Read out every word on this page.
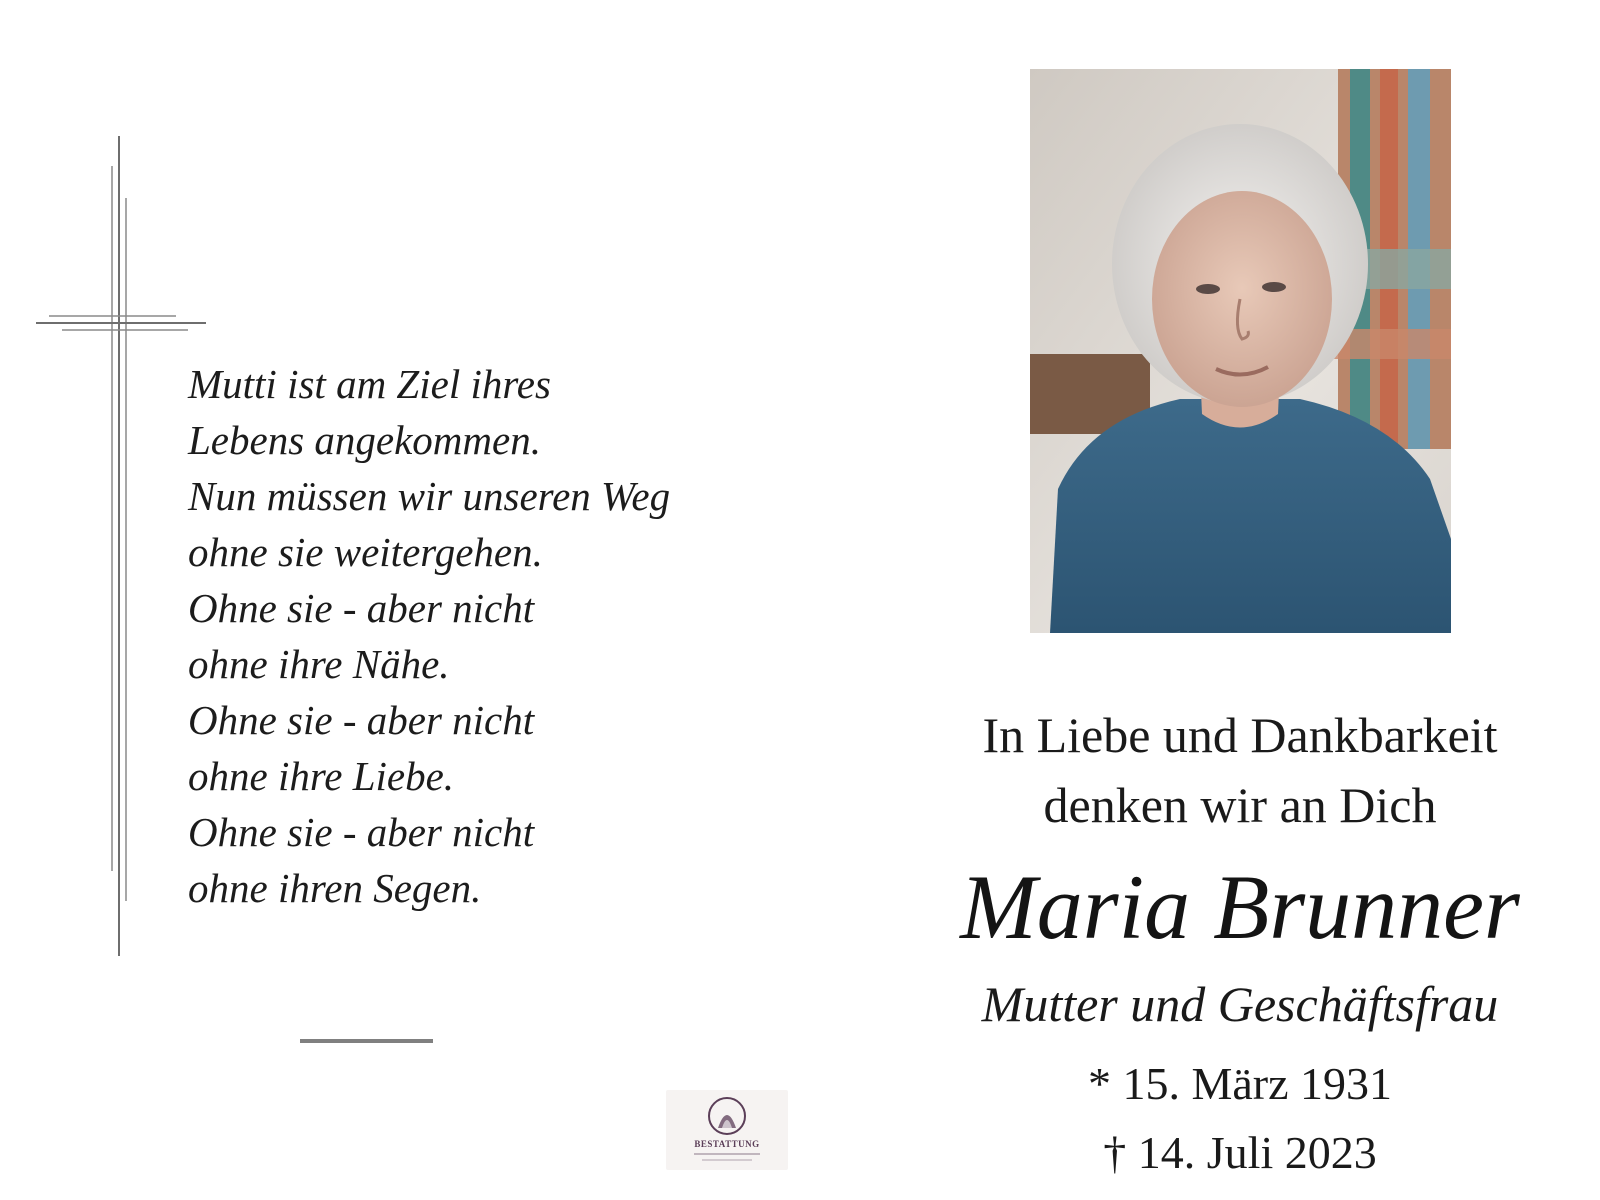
Mutti ist am Ziel ihres
Lebens angekommen.
Nun müssen wir unseren Weg
ohne sie weitergehen.
Ohne sie - aber nicht
ohne ihre Nähe.
Ohne sie - aber nicht
ohne ihre Liebe.
Ohne sie - aber nicht
ohne ihren Segen.
BESTATTUNG
In Liebe und Dankbarkeit
denken wir an Dich
Maria Brunner
Mutter und Geschäftsfrau
* 15. März 1931
† 14. Juli 2023
